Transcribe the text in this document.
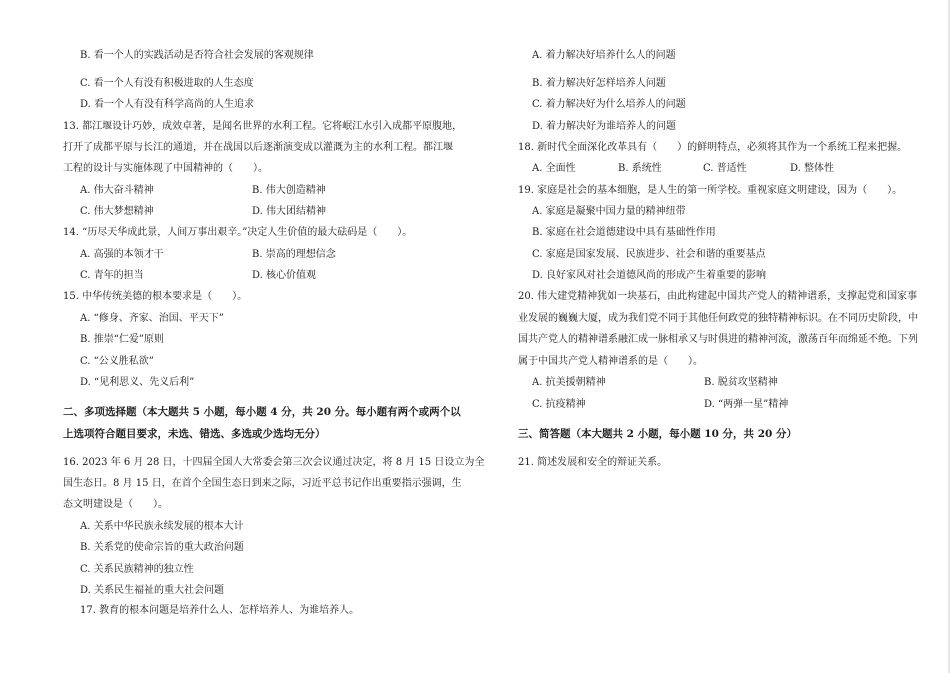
B. 看一个人的实践活动是否符合社会发展的客观规律
C. 看一个人有没有积极进取的人生态度
D. 看一个人有没有科学高尚的人生追求
13. 都江堰设计巧妙，成效卓著，是闻名世界的水利工程。它将岷江水引入成都平原腹地，
打开了成都平原与长江的通道，并在战国以后逐渐演变成以灌溉为主的水利工程。都江堰
工程的设计与实施体现了中国精神的（　　）。
A. 伟大奋斗精神	B. 伟大创造精神
C. 伟大梦想精神	D. 伟大团结精神
14. “历尽天华成此景，人间万事出艰辛。”决定人生价值的最大砝码是（　　）。
A. 高强的本领才干	B. 崇高的理想信念
C. 青年的担当	D. 核心价值观
15. 中华传统美德的根本要求是（　　）。
A. “修身、齐家、治国、平天下”
B. 推崇“仁爱”原则
C. “公义胜私欲”
D. “见利思义、先义后利”
二、多项选择题（本大题共 5 小题，每小题 4 分，共 20 分。每小题有两个或两个以
上选项符合题目要求，未选、错选、多选或少选均无分）
16. 2023 年 6 月 28 日，十四届全国人大常委会第三次会议通过决定，将 8 月 15 日设立为全
国生态日。8 月 15 日，在首个全国生态日到来之际，习近平总书记作出重要指示强调，生
态文明建设是（　　）。
A. 关系中华民族永续发展的根本大计
B. 关系党的使命宗旨的重大政治问题
C. 关系民族精神的独立性
D. 关系民生福祉的重大社会问题
17. 教育的根本问题是培养什么人、怎样培养人、为谁培养人。
A. 着力解决好培养什么人的问题
B. 着力解决好怎样培养人问题
C. 着力解决好为什么培养人的问题
D. 着力解决好为谁培养人的问题
18. 新时代全面深化改革具有（　　）的鲜明特点，必须将其作为一个系统工程来把握。
A. 全面性	B. 系统性	C. 普适性	D. 整体性
19. 家庭是社会的基本细胞，是人生的第一所学校。重视家庭文明建设，因为（　　）。
A. 家庭是凝聚中国力量的精神纽带
B. 家庭在社会道德建设中具有基础性作用
C. 家庭是国家发展、民族进步、社会和谐的重要基点
D. 良好家风对社会道德风尚的形成产生着重要的影响
20. 伟大建党精神犹如一块基石，由此构建起中国共产党人的精神谱系，支撑起党和国家事
业发展的巍巍大厦，成为我们党不同于其他任何政党的独特精神标识。在不同历史阶段，中
国共产党人的精神谱系融汇成一脉相承又与时俱进的精神河流，激荡百年而绵延不绝。下列
属于中国共产党人精神谱系的是（　　）。
A. 抗美援朝精神	B. 脱贫攻坚精神
C. 抗疫精神	D. “两弹一星”精神
三、简答题（本大题共 2 小题，每小题 10 分，共 20 分）
21. 简述发展和安全的辩证关系。
